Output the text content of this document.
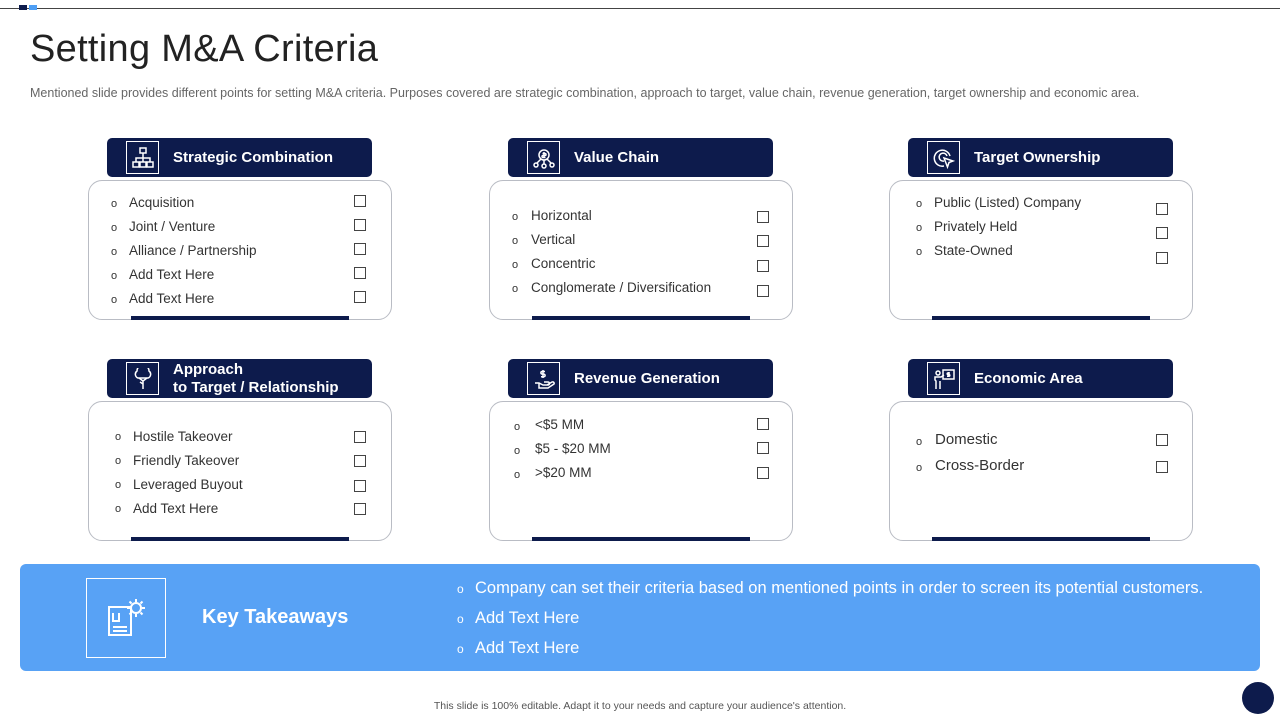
Setting M&A Criteria

Mentioned slide provides different points for setting M&A criteria. Purposes covered are strategic combination, approach to target, value chain, revenue generation, target ownership and economic area.

Strategic Combination
o Acquisition
o Joint / Venture
o Alliance / Partnership
o Add Text Here
o Add Text Here
Value Chain
o Horizontal
o Vertical
o Concentric
o Conglomerate / Diversification
Target Ownership
o Public (Listed) Company
o Privately Held
o State-Owned
Approach
to Target / Relationship
o Hostile Takeover
o Friendly Takeover
o Leveraged Buyout
o Add Text Here
Revenue Generation
o <$5 MM
o $5 - $20 MM
o >$20 MM
Economic Area
o Domestic
o Cross-Border
Key Takeaways
o Company can set their criteria based on mentioned points in order to screen its potential customers.
o Add Text Here
o Add Text Here
This slide is 100% editable. Adapt it to your needs and capture your audience's attention.
